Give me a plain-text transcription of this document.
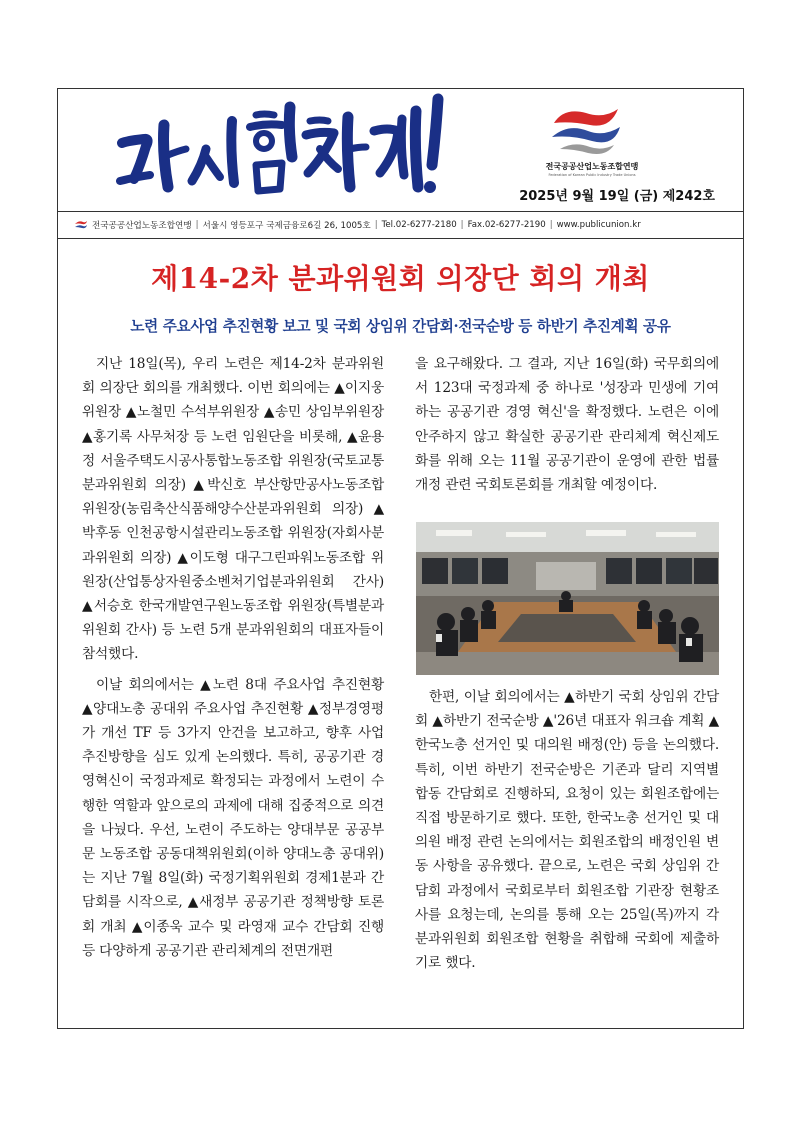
전국공공산업노동조합연맹
Federation of Korean Public Industry Trade Unions
2025년 9월 19일 (금) 제242호
전국공공산업노동조합연맹 | 서울시 영등포구 국제금융로6길 26, 1005호 | Tel.02-6277-2180 | Fax.02-6277-2190 | www.publicunion.kr
제14-2차 분과위원회 의장단 회의 개최
노련 주요사업 추진현황 보고 및 국회 상임위 간담회·전국순방 등 하반기 추진계획 공유

지난 18일(목), 우리 노련은 제14-2차 분과위원회 의장단 회의를 개최했다. 이번 회의에는 ▲이지웅 위원장 ▲노철민 수석부위원장 ▲송민 상임부위원장 ▲홍기록 사무처장 등 노련 임원단을 비롯해, ▲윤용정 서울주택도시공사통합노동조합 위원장(국토교통분과위원회 의장) ▲박신호 부산항만공사노동조합 위원장(농림축산식품해양수산분과위원회 의장) ▲박후동 인천공항시설관리노동조합 위원장(자회사분과위원회 의장) ▲이도형 대구그린파워노동조합 위원장(산업통상자원중소벤처기업분과위원회 간사) ▲서승호 한국개발연구원노동조합 위원장(특별분과위원회 간사) 등 노련 5개 분과위원회의 대표자들이 참석했다.

이날 회의에서는 ▲노련 8대 주요사업 추진현황 ▲양대노총 공대위 주요사업 추진현황 ▲정부경영평가 개선 TF 등 3가지 안건을 보고하고, 향후 사업 추진방향을 심도 있게 논의했다. 특히, 공공기관 경영혁신이 국정과제로 확정되는 과정에서 노련이 수행한 역할과 앞으로의 과제에 대해 집중적으로 의견을 나눴다. 우선, 노련이 주도하는 양대부문 공공부문 노동조합 공동대책위원회(이하 양대노총 공대위)는 지난 7월 8일(화) 국정기획위원회 경제1분과 간담회를 시작으로, ▲새정부 공공기관 정책방향 토론회 개최 ▲이종욱 교수 및 라영재 교수 간담회 진행 등 다양하게 공공기관 관리체계의 전면개편

을 요구해왔다. 그 결과, 지난 16일(화) 국무회의에서 123대 국정과제 중 하나로 '성장과 민생에 기여하는 공공기관 경영 혁신'을 확정했다. 노련은 이에 안주하지 않고 확실한 공공기관 관리체계 혁신제도화를 위해 오는 11월 공공기관이 운영에 관한 법률 개정 관련 국회토론회를 개최할 예정이다.

한편, 이날 회의에서는 ▲하반기 국회 상임위 간담회 ▲하반기 전국순방 ▲'26년 대표자 워크숍 계획 ▲한국노총 선거인 및 대의원 배정(안) 등을 논의했다. 특히, 이번 하반기 전국순방은 기존과 달리 지역별 합동 간담회로 진행하되, 요청이 있는 회원조합에는 직접 방문하기로 했다. 또한, 한국노총 선거인 및 대의원 배정 관련 논의에서는 회원조합의 배정인원 변동 사항을 공유했다. 끝으로, 노련은 국회 상임위 간담회 과정에서 국회로부터 회원조합 기관장 현황조사를 요청는데, 논의를 통해 오는 25일(목)까지 각 분과위원회 회원조합 현황을 취합해 국회에 제출하기로 했다.
